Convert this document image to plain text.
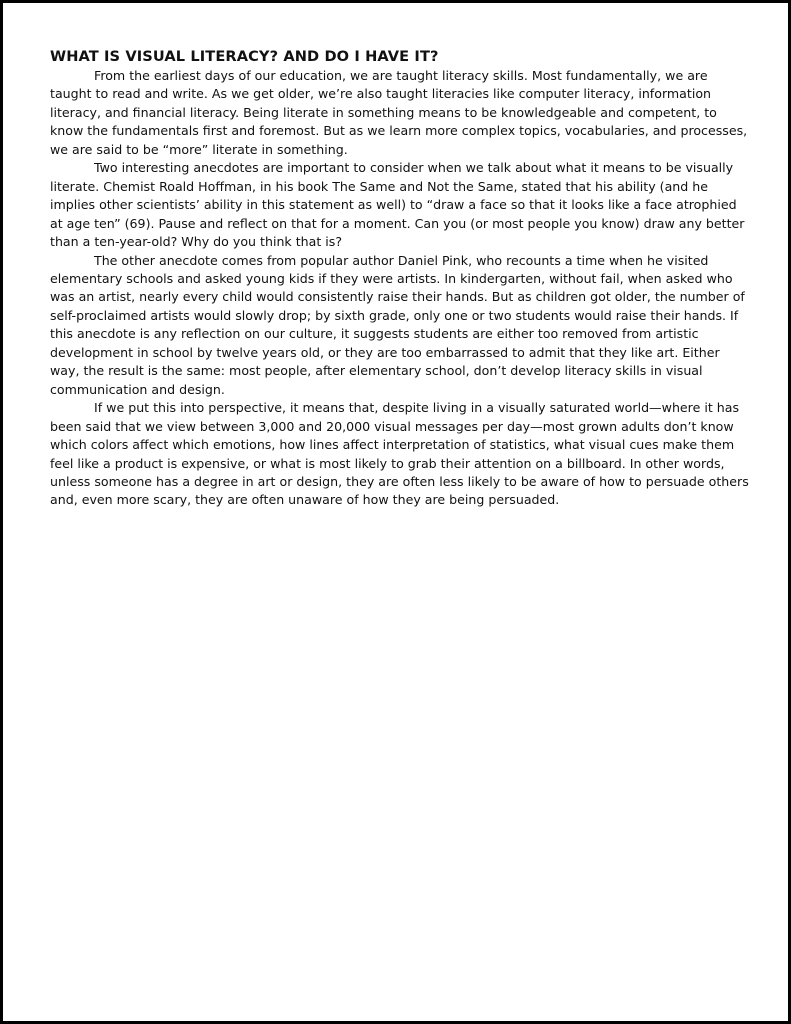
WHAT IS VISUAL LITERACY? AND DO I HAVE IT?

From the earliest days of our education, we are taught literacy skills. Most fundamentally, we are taught to read and write. As we get older, we’re also taught literacies like computer literacy, information literacy, and financial literacy. Being literate in something means to be knowledgeable and competent, to know the fundamentals first and foremost. But as we learn more complex topics, vocabularies, and processes, we are said to be “more” literate in something.

Two interesting anecdotes are important to consider when we talk about what it means to be visually literate. Chemist Roald Hoffman, in his book The Same and Not the Same, stated that his ability (and he implies other scientists’ ability in this statement as well) to “draw a face so that it looks like a face atrophied at age ten” (69). Pause and reflect on that for a moment. Can you (or most people you know) draw any better than a ten-year-old? Why do you think that is?

The other anecdote comes from popular author Daniel Pink, who recounts a time when he visited elementary schools and asked young kids if they were artists. In kindergarten, without fail, when asked who was an artist, nearly every child would consistently raise their hands. But as children got older, the number of self-proclaimed artists would slowly drop; by sixth grade, only one or two students would raise their hands. If this anecdote is any reflection on our culture, it suggests students are either too removed from artistic development in school by twelve years old, or they are too embarrassed to admit that they like art. Either way, the result is the same: most people, after elementary school, don’t develop literacy skills in visual communication and design.

If we put this into perspective, it means that, despite living in a visually saturated world—where it has been said that we view between 3,000 and 20,000 visual messages per day—most grown adults don’t know which colors affect which emotions, how lines affect interpretation of statistics, what visual cues make them feel like a product is expensive, or what is most likely to grab their attention on a billboard. In other words, unless someone has a degree in art or design, they are often less likely to be aware of how to persuade others and, even more scary, they are often unaware of how they are being persuaded.
